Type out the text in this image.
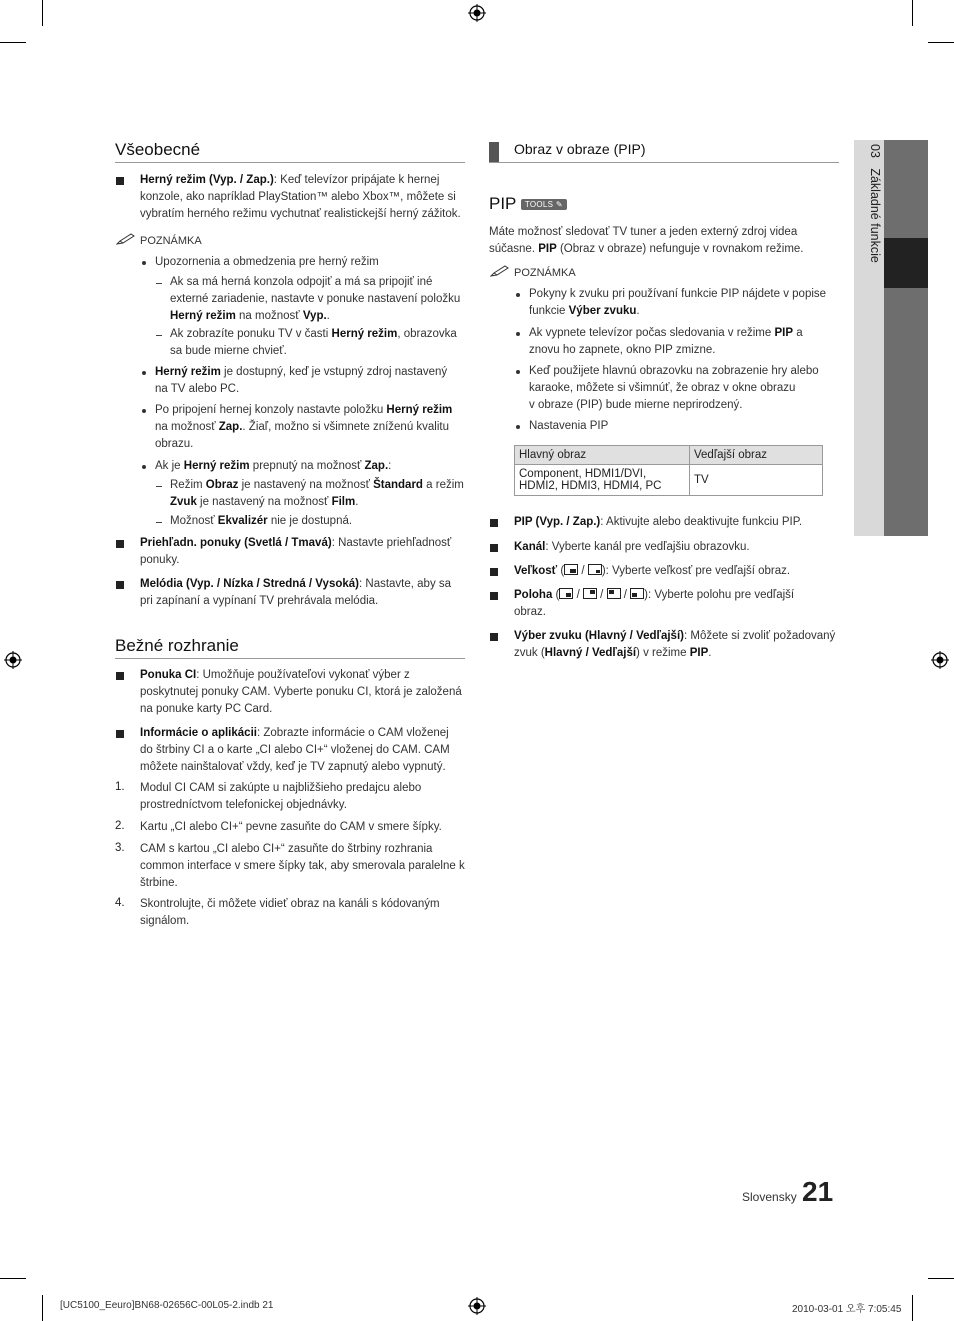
03   Základné funkcie
Všeobecné
Herný režim (Vyp. / Zap.): Keď televízor pripájate k hernej
konzole, ako napríklad PlayStation™ alebo Xbox™, môžete si
vybratím herného režimu vychutnať realistickejší herný zážitok.
POZNÁMKA
Upozornenia a obmedzenia pre herný režim
Ak sa má herná konzola odpojiť a má sa pripojiť iné
externé zariadenie, nastavte v ponuke nastavení položku
Herný režim na možnosť Vyp..
Ak zobrazíte ponuku TV v časti Herný režim, obrazovka
sa bude mierne chvieť.
Herný režim je dostupný, keď je vstupný zdroj nastavený
na TV alebo PC.
Po pripojení hernej konzoly nastavte položku Herný režim
na možnosť Zap.. Žiaľ, možno si všimnete zníženú kvalitu
obrazu.
Ak je Herný režim prepnutý na možnosť Zap.:
Režim Obraz je nastavený na možnosť Štandard a režim
Zvuk je nastavený na možnosť Film.
Možnosť Ekvalizér nie je dostupná.
Priehľadn. ponuky (Svetlá / Tmavá): Nastavte priehľadnosť
ponuky.
Melódia (Vyp. / Nízka / Stredná / Vysoká): Nastavte, aby sa
pri zapínaní a vypínaní TV prehrávala melódia.
Bežné rozhranie
Ponuka CI: Umožňuje používateľovi vykonať výber z
poskytnutej ponuky CAM. Vyberte ponuku CI, ktorá je založená
na ponuke karty PC Card.
Informácie o aplikácii: Zobrazte informácie o CAM vloženej
do štrbiny CI a o karte „CI alebo CI+“ vloženej do CAM. CAM
môžete nainštalovať vždy, keď je TV zapnutý alebo vypnutý.
1. Modul CI CAM si zakúpte u najbližšieho predajcu alebo
prostredníctvom telefonickej objednávky.
2. Kartu „CI alebo CI+“ pevne zasuňte do CAM v smere šípky.
3. CAM s kartou „CI alebo CI+“ zasuňte do štrbiny rozhrania
common interface v smere šípky tak, aby smerovala paralelne k
štrbine.
4. Skontrolujte, či môžete vidieť obraz na kanáli s kódovaným
signálom.
Obraz v obraze (PIP)
PIP TOOLS ✎
Máte možnosť sledovať TV tuner a jeden externý zdroj videa
súčasne. PIP (Obraz v obraze) nefunguje v rovnakom režime.
POZNÁMKA
Pokyny k zvuku pri používaní funkcie PIP nájdete v popise
funkcie Výber zvuku.
Ak vypnete televízor počas sledovania v režime PIP a
znovu ho zapnete, okno PIP zmizne.
Keď použijete hlavnú obrazovku na zobrazenie hry alebo
karaoke, môžete si všimnúť, že obraz v okne obrazu
v obraze (PIP) bude mierne neprirodzený.
Nastavenia PIP
Hlavný obraz	Vedľajší obraz
Component, HDMI1/DVI,
HDMI2, HDMI3, HDMI4, PC	TV
PIP (Vyp. / Zap.): Aktivujte alebo deaktivujte funkciu PIP.
Kanál: Vyberte kanál pre vedľajšiu obrazovku.
Veľkosť (
/
): Vyberte veľkosť pre vedľajší obraz.
Poloha (
/
/
/
): Vyberte polohu pre vedľajší
obraz.
Výber zvuku (Hlavný / Vedľajší): Môžete si zvoliť požadovaný
zvuk (Hlavný / Vedľajší) v režime PIP.
Slovensky 21
[UC5100_Eeuro]BN68-02656C-00L05-2.indb 21	2010-03-01 오후 7:05:45
